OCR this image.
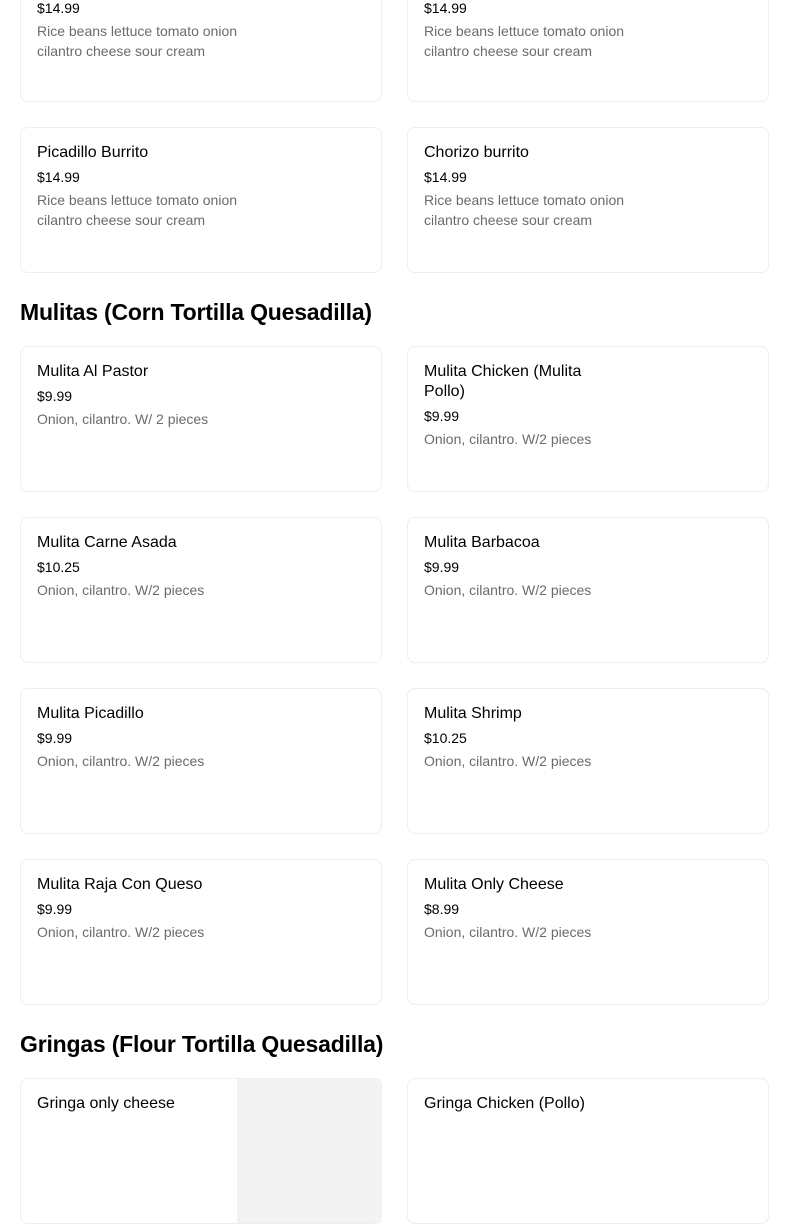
$14.99
Rice beans lettuce tomato onion cilantro cheese sour cream
$14.99
Rice beans lettuce tomato onion cilantro cheese sour cream
Picadillo Burrito
$14.99
Rice beans lettuce tomato onion cilantro cheese sour cream
Chorizo burrito
$14.99
Rice beans lettuce tomato onion cilantro cheese sour cream
Mulitas (Corn Tortilla Quesadilla)
Mulita Al Pastor
$9.99
Onion, cilantro. W/ 2 pieces
Mulita Chicken (Mulita Pollo)
$9.99
Onion, cilantro. W/2 pieces
Mulita Carne Asada
$10.25
Onion, cilantro. W/2 pieces
Mulita Barbacoa
$9.99
Onion, cilantro. W/2 pieces
Mulita Picadillo
$9.99
Onion, cilantro. W/2 pieces
Mulita Shrimp
$10.25
Onion, cilantro. W/2 pieces
Mulita Raja Con Queso
$9.99
Onion, cilantro. W/2 pieces
Mulita Only Cheese
$8.99
Onion, cilantro. W/2 pieces
Gringas (Flour Tortilla Quesadilla)
Gringa only cheese	Gringa Chicken (Pollo)
